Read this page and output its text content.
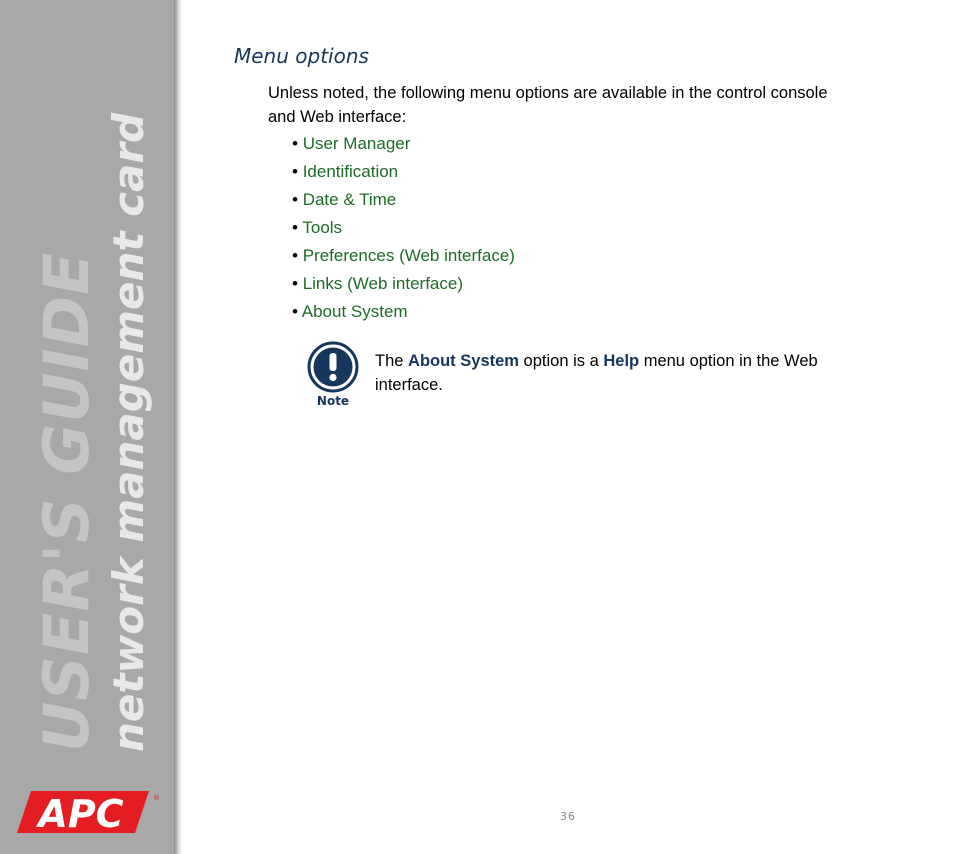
USER'S GUIDE network management card
APC	®
Menu options

Unless noted, the following menu options are available in the control console and Web interface:

• User Manager
• Identification
• Date & Time
• Tools
• Preferences (Web interface)
• Links (Web interface)
• About System
Note

The About System option is a Help menu option in the Web interface.

36
